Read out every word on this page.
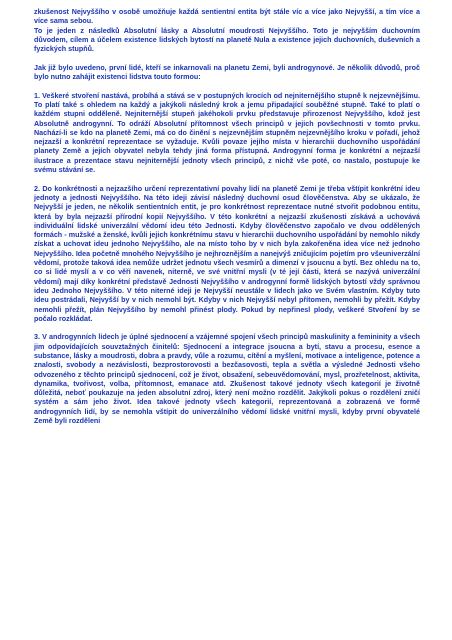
zkušenost Nejvyššího v osobě umožňuje každá sentientní entita být stále víc a více jako Nejvyšší, a tím více a více sama sebou.

To je jeden z následků Absolutní lásky a Absolutní moudrosti Nejvyššího. Toto je nejvyšším duchovním důvodem, cílem a účelem existence lidských bytostí na planetě Nula a existence jejich duchovních, duševních a fyzických stupňů.

Jak již bylo uvedeno, první lidé, kteří se inkarnovali na planetu Zemi, byli androgynové. Je několik důvodů, proč bylo nutno zahájit existenci lidstva touto formou:

1. Veškeré stvoření nastává, probíhá a stává se v postupných krocích od nejniternějšího stupně k nejzevnějšímu. To platí také s ohledem na každý a jakýkoli následný krok a jemu připadající souběžné stupně. Také to platí o každém stupni odděleně. Nejniternější stupeň jakéhokoli prvku představuje přirozenost Nejvyššího, kdož jest Absolutně androgynní. To odráží Absolutní přítomnost všech principů v jejich povšechnosti v tomto prvku. Nachází-li se kdo na planetě Zemi, má co do činění s nejzevnějším stupněm nejzevnějšího kroku v pořadí, jehož nejzazší a konkrétní reprezentace se vyžaduje. Kvůli povaze jejího místa v hierarchii duchovního uspořádání planety Země a jejích obyvatel nebyla tehdy jiná forma přístupná. Androgynní forma je konkrétní a nejzazší ilustrace a prezentace stavu nejniternější jednoty všech principů, z nichž vše poté, co nastalo, postupuje ke svému stávání se.

2. Do konkrétnosti a nejzazšího určení reprezentativní povahy lidí na planetě Zemi je třeba vštípit konkrétní ideu jednoty a jednosti Nejvyššího. Na této ideji závisí následný duchovní osud člověčenstva. Aby se ukázalo, že Nejvyšší je jeden, ne několik sentientních entit, je pro konkrétnost reprezentace nutné stvořit podobnou entitu, která by byla nejzazší přírodní kopií Nejvyššího. V této konkrétní a nejzazší zkušenosti získává a uchovává individuální lidské univerzální vědomí ideu této Jednosti. Kdyby člověčenstvo započalo ve dvou oddělených formách - mužské a ženské, kvůli jejich konkrétnímu stavu v hierarchii duchovního uspořádání by nemohlo nikdy získat a uchovat ideu jednoho Nejvyššího, ale na místo toho by v nich byla zakořeněna idea více než jednoho Nejvyššího. Idea početně mnohého Nejvyššího je nejhroznějším a nanejvýš zničujícím pojetím pro všeuniverzální vědomí, protože taková idea nemůže udržet jednotu všech vesmírů a dimenzí v jsoucnu a bytí. Bez ohledu na to, co si lidé myslí a v co věří navenek, niterně, ve své vnitřní mysli (v té její části, která se nazývá univerzální vědomí) mají díky konkrétní představě Jednosti Nejvyššího v androgynní formě lidských bytostí vždy správnou ideu Jednoho Nejvyššího. V této niterné ideji je Nejvyšší neustále v lidech jako ve Svém vlastním. Kdyby tuto ideu postrádali, Nejvyšší by v nich nemohl být. Kdyby v nich Nejvyšší nebyl přítomen, nemohli by přežít. Kdyby nemohli přežít, plán Nejvyššího by nemohl přinést plody. Pokud by nepřinesl plody, veškeré Stvoření by se počalo rozkládat.

3. V androgynních lidech je úplné sjednocení a vzájemné spojení všech principů maskulinity a femininity a všech jim odpovídajících souvztažných činitelů: Sjednocení a integrace jsoucna a bytí, stavu a procesu, esence a substance, lásky a moudrosti, dobra a pravdy, vůle a rozumu, cítění a myšlení, motivace a inteligence, potence a znalosti, svobody a nezávislosti, bezprostorovosti a bezčasovosti, tepla a světla a výsledné Jednosti všeho odvozeného z těchto principů sjednocení, což je život, obsažení, sebeuvědomování, mysl, prozřetelnost, aktivita, dynamika, tvořivost, volba, přítomnost, emanace atd. Zkušenost takové jednoty všech kategorií je životně důležitá, neboť poukazuje na jeden absolutní zdroj, který není možno rozdělit. Jakýkoli pokus o rozdělení zničí systém a sám jeho život. Idea takové jednoty všech kategorií, reprezentovaná a zobrazená ve formě androgynních lidí, by se nemohla vštípit do univerzálního vědomí lidské vnitřní mysli, kdyby první obyvatelé Země byli rozděleni
